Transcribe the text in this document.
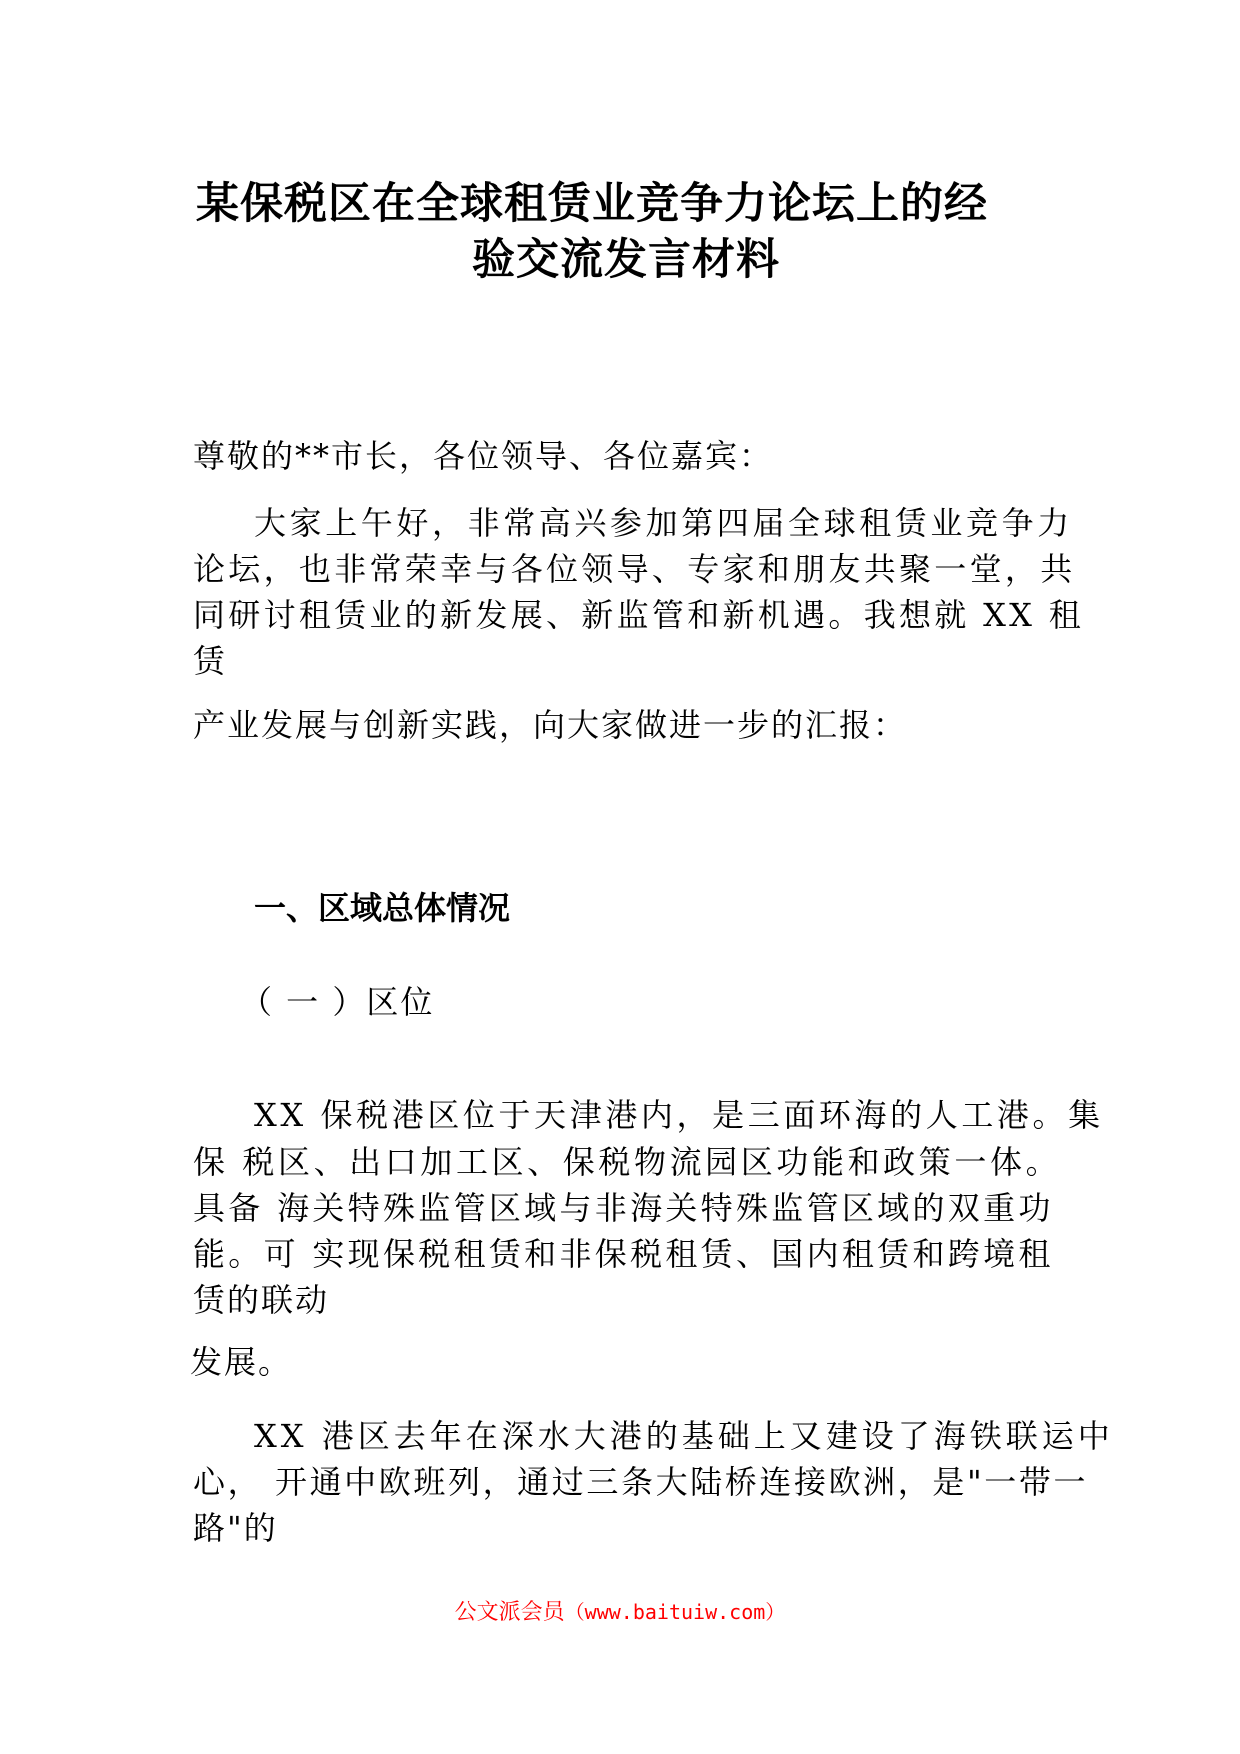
某保税区在全球租赁业竞争力论坛上的经
验交流发言材料
尊敬的**市长，各位领导、各位嘉宾：
大家上午好，非常高兴参加第四届全球租赁业竞争力
论坛，也非常荣幸与各位领导、专家和朋友共聚一堂，共
同研讨租赁业的新发展、新监管和新机遇。我想就 XX 租
赁
产业发展与创新实践，向大家做进一步的汇报：
一、区域总体情况
（ 一 ）区位
XX 保税港区位于天津港内，是三面环海的人工港。集
保 税区、出口加工区、保税物流园区功能和政策一体。
具备 海关特殊监管区域与非海关特殊监管区域的双重功
能。可 实现保税租赁和非保税租赁、国内租赁和跨境租
赁的联动
发展。
XX 港区去年在深水大港的基础上又建设了海铁联运中
心， 开通中欧班列，通过三条大陆桥连接欧洲，是"一带一
路"的
公文派会员（www.baituiw.com）
